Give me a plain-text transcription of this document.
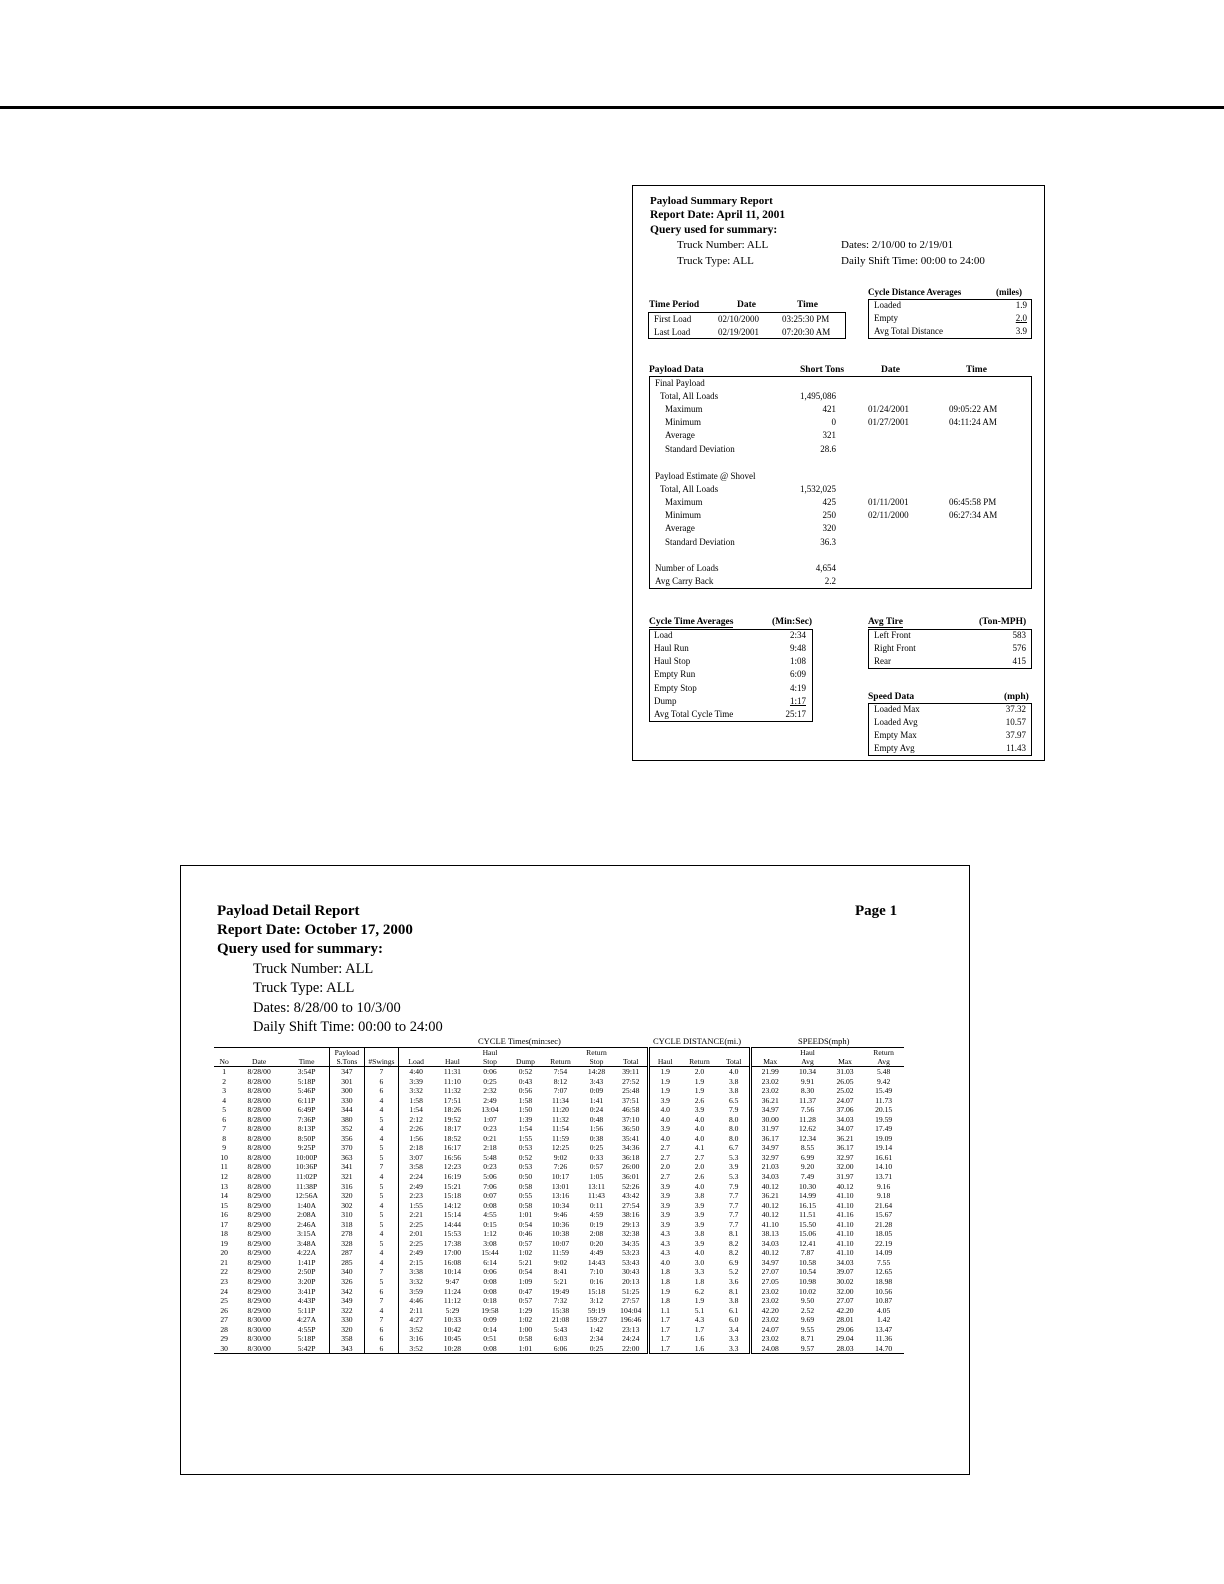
Payload Summary Report
Report Date: April 11, 2001
Query used for summary:
Truck Number: ALL
Truck Type: ALL
Dates: 2/10/00 to 2/19/01
Daily Shift Time: 00:00 to 24:00
Time Period	Date	Time
First Load	02/10/2000	03:25:30 PM
Last Load	02/19/2001	07:20:30 AM
Cycle Distance Averages	(miles)
Loaded	1.9
Empty	2.0
Avg Total Distance	3.9
Payload Data	Short Tons	Date	Time
Final Payload
Total, All Loads	1,495,086
Maximum	421	01/24/2001	09:05:22 AM
Minimum	0	01/27/2001	04:11:24 AM
Average	321
Standard Deviation	28.6
Payload Estimate @ Shovel
Total, All Loads	1,532,025
Maximum	425	01/11/2001	06:45:58 PM
Minimum	250	02/11/2000	06:27:34 AM
Average	320
Standard Deviation	36.3
Number of Loads	4,654
Avg Carry Back	2.2
Cycle Time Averages	(Min:Sec)
Load	2:34
Haul Run	9:48
Haul Stop	1:08
Empty Run	6:09
Empty Stop	4:19
Dump	1:17
Avg Total Cycle Time	25:17
Avg Tire	(Ton-MPH)
Left Front	583
Right Front	576
Rear	415
Speed Data	(mph)
Loaded Max	37.32
Loaded Avg	10.57
Empty Max	37.97
Empty Avg	11.43
Payload Detail Report	Page 1
Report Date: October 17, 2000
Query used for summary:
Truck Number: ALL
Truck Type: ALL
Dates: 8/28/00 to 10/3/00
Daily Shift Time: 00:00 to 24:00
CYCLE Times(min:sec)	CYCLE DISTANCE(mi.)	SPEEDS(mph)
			Payload				Haul			Return						Haul		Return
No	Date	Time	S.Tons	#Swings	Load	Haul	Stop	Dump	Return	Stop	Total	Haul	Return	Total	Max	Avg	Max	Avg
1	8/28/00	3:54P	347	7	4:40	11:31	0:06	0:52	7:54	14:28	39:11	1.9	2.0	4.0	21.99	10.34	31.03	5.48
2	8/28/00	5:18P	301	6	3:39	11:10	0:25	0:43	8:12	3:43	27:52	1.9	1.9	3.8	23.02	9.91	26.05	9.42
3	8/28/00	5:46P	300	6	3:32	11:32	2:32	0:56	7:07	0:09	25:48	1.9	1.9	3.8	23.02	8.30	25.02	15.49
4	8/28/00	6:11P	330	4	1:58	17:51	2:49	1:58	11:34	1:41	37:51	3.9	2.6	6.5	36.21	11.37	24.07	11.73
5	8/28/00	6:49P	344	4	1:54	18:26	13:04	1:50	11:20	0:24	46:58	4.0	3.9	7.9	34.97	7.56	37.06	20.15
6	8/28/00	7:36P	380	5	2:12	19:52	1:07	1:39	11:32	0:48	37:10	4.0	4.0	8.0	30.00	11.28	34.03	19.59
7	8/28/00	8:13P	352	4	2:26	18:17	0:23	1:54	11:54	1:56	36:50	3.9	4.0	8.0	31.97	12.62	34.07	17.49
8	8/28/00	8:50P	356	4	1:56	18:52	0:21	1:55	11:59	0:38	35:41	4.0	4.0	8.0	36.17	12.34	36.21	19.09
9	8/28/00	9:25P	370	5	2:18	16:17	2:18	0:53	12:25	0:25	34:36	2.7	4.1	6.7	34.97	8.55	36.17	19.14
10	8/28/00	10:00P	363	5	3:07	16:56	5:48	0:52	9:02	0:33	36:18	2.7	2.7	5.3	32.97	6.99	32.97	16.61
11	8/28/00	10:36P	341	7	3:58	12:23	0:23	0:53	7:26	0:57	26:00	2.0	2.0	3.9	21.03	9.20	32.00	14.10
12	8/28/00	11:02P	321	4	2:24	16:19	5:06	0:50	10:17	1:05	36:01	2.7	2.6	5.3	34.03	7.49	31.97	13.71
13	8/28/00	11:38P	316	5	2:49	15:21	7:06	0:58	13:01	13:11	52:26	3.9	4.0	7.9	40.12	10.30	40.12	9.16
14	8/29/00	12:56A	320	5	2:23	15:18	0:07	0:55	13:16	11:43	43:42	3.9	3.8	7.7	36.21	14.99	41.10	9.18
15	8/29/00	1:40A	302	4	1:55	14:12	0:08	0:58	10:34	0:11	27:54	3.9	3.9	7.7	40.12	16.15	41.10	21.64
16	8/29/00	2:08A	310	5	2:21	15:14	4:55	1:01	9:46	4:59	38:16	3.9	3.9	7.7	40.12	11.51	41.16	15.67
17	8/29/00	2:46A	318	5	2:25	14:44	0:15	0:54	10:36	0:19	29:13	3.9	3.9	7.7	41.10	15.50	41.10	21.28
18	8/29/00	3:15A	278	4	2:01	15:53	1:12	0:46	10:38	2:08	32:38	4.3	3.8	8.1	38.13	15.06	41.10	18.05
19	8/29/00	3:48A	328	5	2:25	17:38	3:08	0:57	10:07	0:20	34:35	4.3	3.9	8.2	34.03	12.41	41.10	22.19
20	8/29/00	4:22A	287	4	2:49	17:00	15:44	1:02	11:59	4:49	53:23	4.3	4.0	8.2	40.12	7.87	41.10	14.09
21	8/29/00	1:41P	285	4	2:15	16:08	6:14	5:21	9:02	14:43	53:43	4.0	3.0	6.9	34.97	10.58	34.03	7.55
22	8/29/00	2:50P	340	7	3:38	10:14	0:06	0:54	8:41	7:10	30:43	1.8	3.3	5.2	27.07	10.54	39.07	12.65
23	8/29/00	3:20P	326	5	3:32	9:47	0:08	1:09	5:21	0:16	20:13	1.8	1.8	3.6	27.05	10.98	30.02	18.98
24	8/29/00	3:41P	342	6	3:59	11:24	0:08	0:47	19:49	15:18	51:25	1.9	6.2	8.1	23.02	10.02	32.00	10.56
25	8/29/00	4:43P	349	7	4:46	11:12	0:18	0:57	7:32	3:12	27:57	1.8	1.9	3.8	23.02	9.50	27.07	10.87
26	8/29/00	5:11P	322	4	2:11	5:29	19:58	1:29	15:38	59:19	104:04	1.1	5.1	6.1	42.20	2.52	42.20	4.05
27	8/30/00	4:27A	330	7	4:27	10:33	0:09	1:02	21:08	159:27	196:46	1.7	4.3	6.0	23.02	9.69	28.01	1.42
28	8/30/00	4:55P	320	6	3:52	10:42	0:14	1:00	5:43	1:42	23:13	1.7	1.7	3.4	24.07	9.55	29.06	13.47
29	8/30/00	5:18P	358	6	3:16	10:45	0:51	0:58	6:03	2:34	24:24	1.7	1.6	3.3	23.02	8.71	29.04	11.36
30	8/30/00	5:42P	343	6	3:52	10:28	0:08	1:01	6:06	0:25	22:00	1.7	1.6	3.3	24.08	9.57	28.03	14.70
